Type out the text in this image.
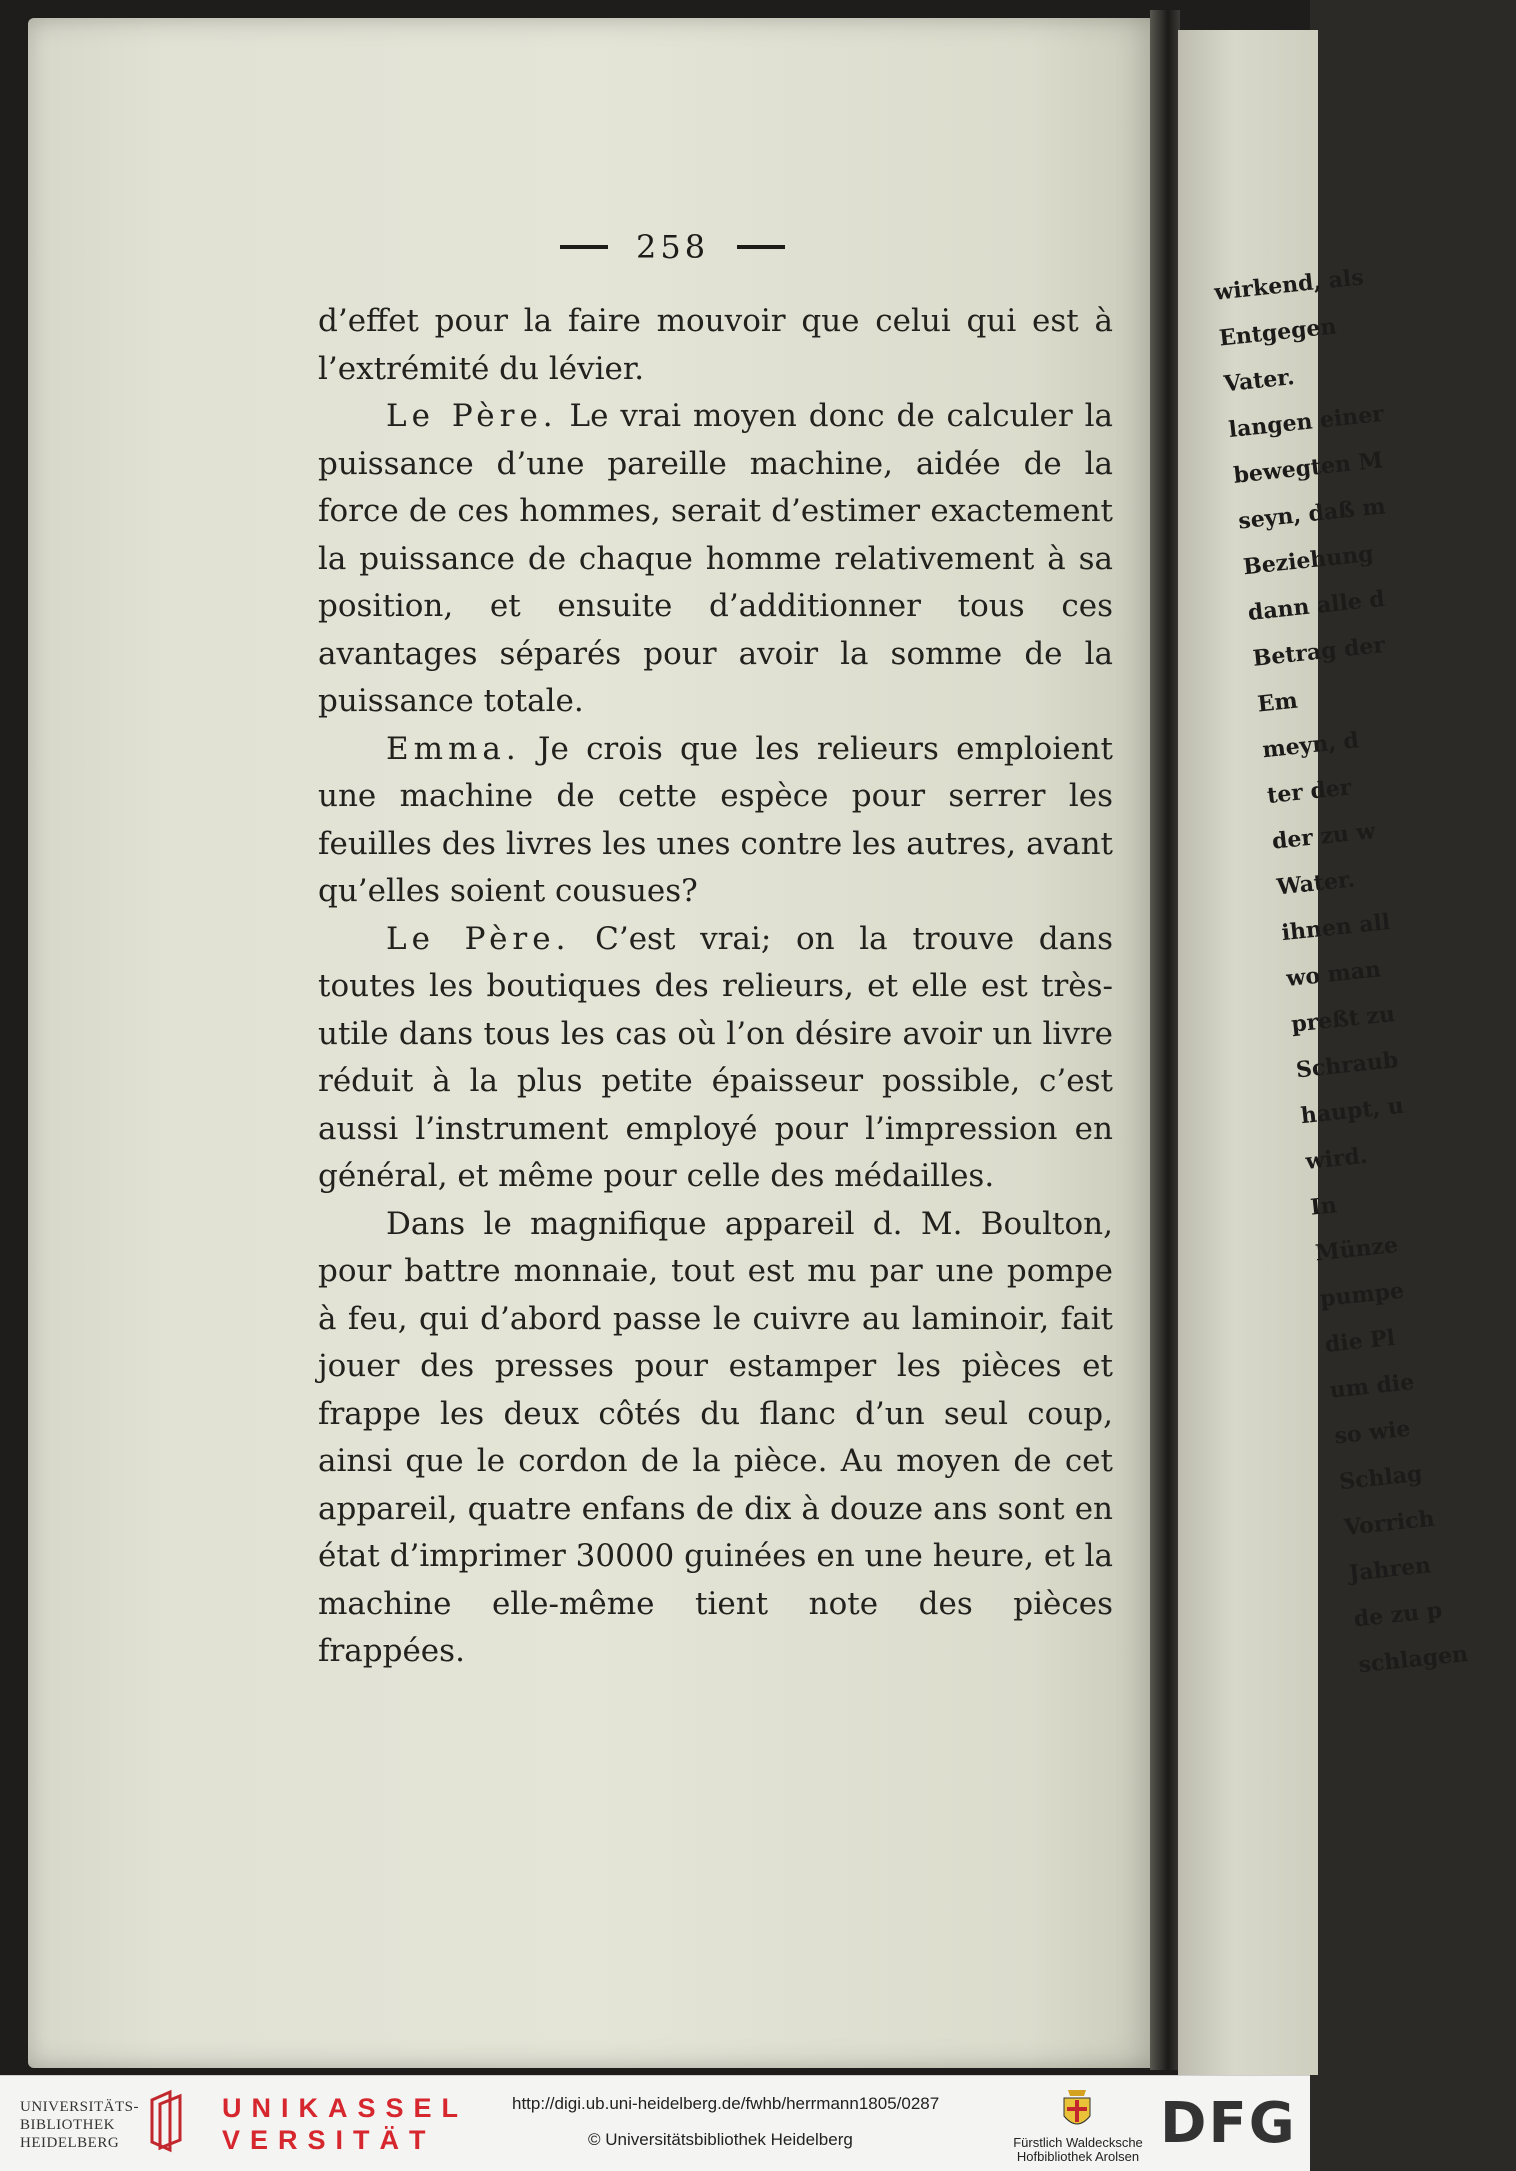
wirkend, als
Entgegen
Vater.
langen einer
bewegten M
seyn, daß m
Beziehung
dann alle d
Betrag der
Em
meyn, d
ter der
der zu w
Water.
ihnen all
wo man
preßt zu
Schraub
haupt, u
wird.
In
Münze
pumpe
die Pl
um die
so wie
Schlag
Vorrich
Jahren
de zu p
schlagen
258

d’effet pour la faire mouvoir que celui qui est à l’extrémité du lévier.

Le Père. Le vrai moyen donc de calculer la puissance d’une pareille machine, aidée de la force de ces hommes, serait d’estimer exactement la puissance de chaque homme relativement à sa position, et ensuite d’additionner tous ces avantages séparés pour avoir la somme de la puissance totale.

Emma. Je crois que les relieurs emploient une machine de cette espèce pour serrer les feuilles des livres les unes contre les autres, avant qu’elles soient cousues?

Le Père. C’est vrai; on la trouve dans toutes les boutiques des relieurs, et elle est très-utile dans tous les cas où l’on désire avoir un livre réduit à la plus petite épaisseur possible, c’est aussi l’instrument employé pour l’impression en général, et même pour celle des médailles.

Dans le magnifique appareil d. M. Boulton, pour battre monnaie, tout est mu par une pompe à feu, qui d’abord passe le cuivre au laminoir, fait jouer des presses pour estamper les pièces et frappe les deux côtés du flanc d’un seul coup, ainsi que le cordon de la pièce. Au moyen de cet appareil, quatre enfans de dix à douze ans sont en état d’imprimer 30000 guinées en une heure, et la machine elle-même tient note des pièces frappées.

UNIVERSITÄTS-
BIBLIOTHEK
HEIDELBERG
UNIKASSEL
VERSITÄT
http://digi.ub.uni-heidelberg.de/fwhb/herrmann1805/0287
© Universitätsbibliothek Heidelberg	Fürstlich Waldecksche
Hofbibliothek Arolsen
DFG
